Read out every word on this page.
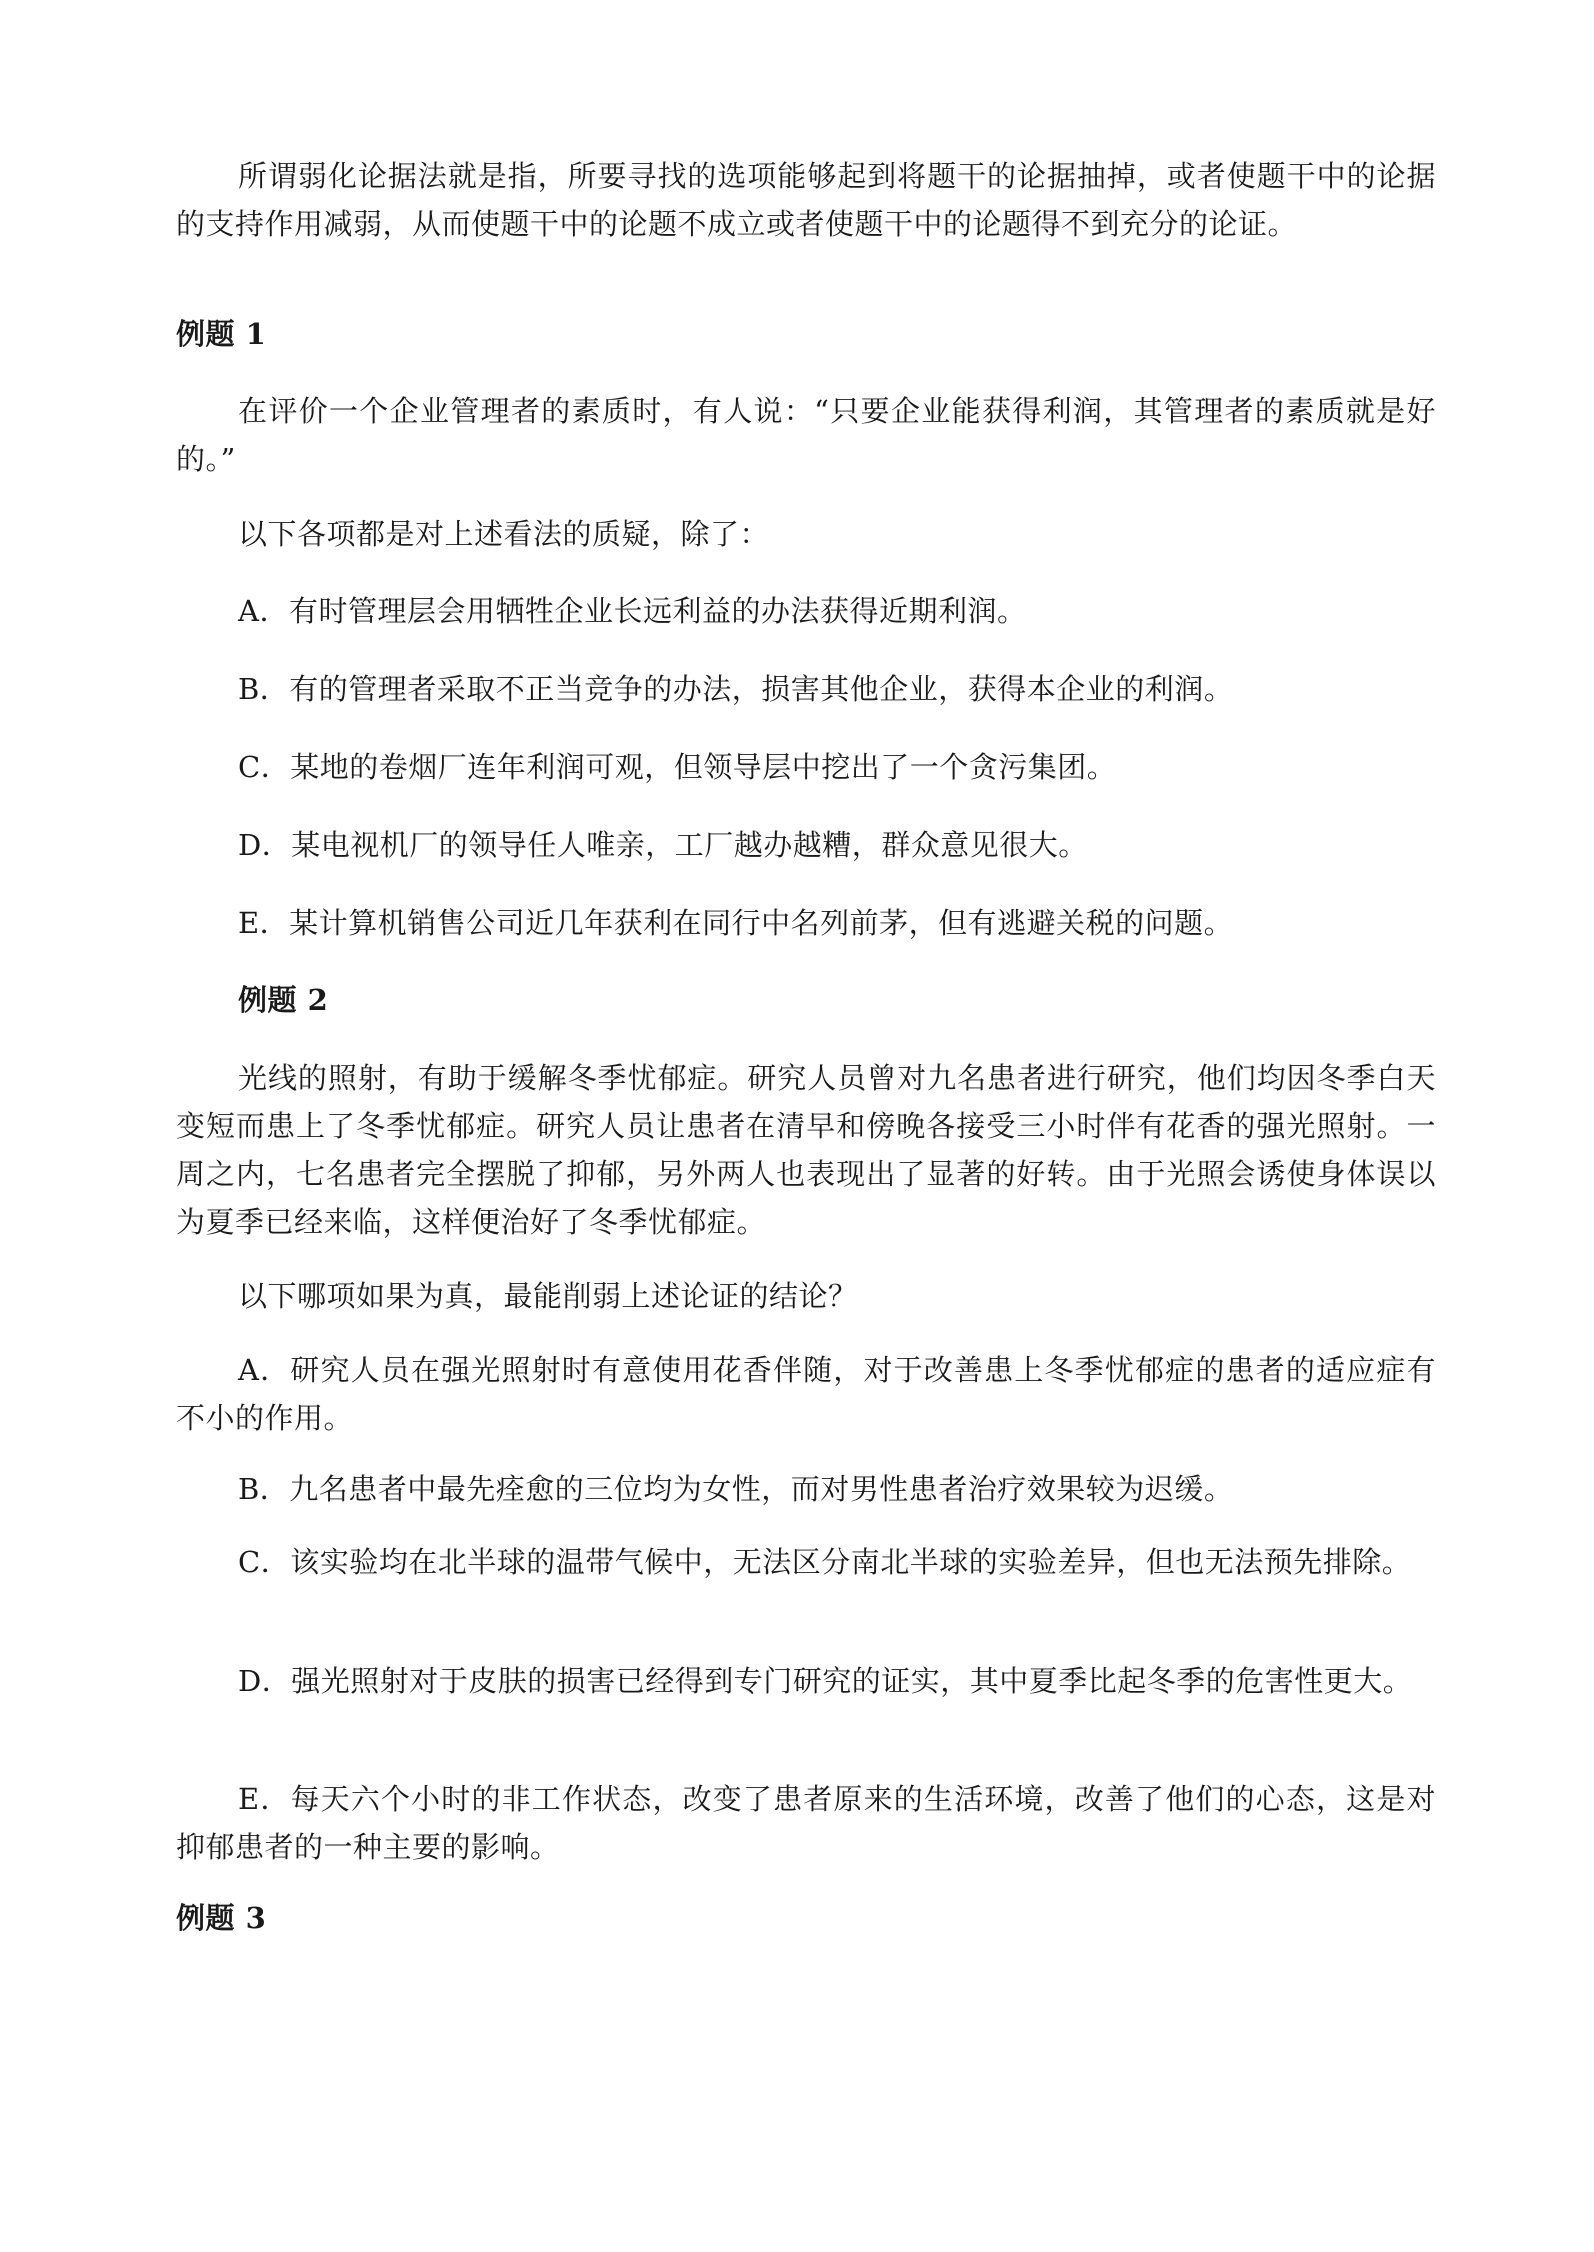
所谓弱化论据法就是指，所要寻找的选项能够起到将题干的论据抽掉，或者使题干中的论据的支持作用减弱，从而使题干中的论题不成立或者使题干中的论题得不到充分的论证。

例题 1

在评价一个企业管理者的素质时，有人说：“只要企业能获得利润，其管理者的素质就是好的。”

以下各项都是对上述看法的质疑，除了：

A．有时管理层会用牺牲企业长远利益的办法获得近期利润。

B．有的管理者采取不正当竞争的办法，损害其他企业，获得本企业的利润。

C．某地的卷烟厂连年利润可观，但领导层中挖出了一个贪污集团。

D．某电视机厂的领导任人唯亲，工厂越办越糟，群众意见很大。

E．某计算机销售公司近几年获利在同行中名列前茅，但有逃避关税的问题。

例题 2

光线的照射，有助于缓解冬季忧郁症。研究人员曾对九名患者进行研究，他们均因冬季白天变短而患上了冬季忧郁症。研究人员让患者在清早和傍晚各接受三小时伴有花香的强光照射。一周之内，七名患者完全摆脱了抑郁，另外两人也表现出了显著的好转。由于光照会诱使身体误以为夏季已经来临，这样便治好了冬季忧郁症。

以下哪项如果为真，最能削弱上述论证的结论？

A．研究人员在强光照射时有意使用花香伴随，对于改善患上冬季忧郁症的患者的适应症有不小的作用。

B．九名患者中最先痊愈的三位均为女性，而对男性患者治疗效果较为迟缓。

C．该实验均在北半球的温带气候中，无法区分南北半球的实验差异，但也无法预先排除。

D．强光照射对于皮肤的损害已经得到专门研究的证实，其中夏季比起冬季的危害性更大。

E．每天六个小时的非工作状态，改变了患者原来的生活环境，改善了他们的心态，这是对抑郁患者的一种主要的影响。

例题 3
